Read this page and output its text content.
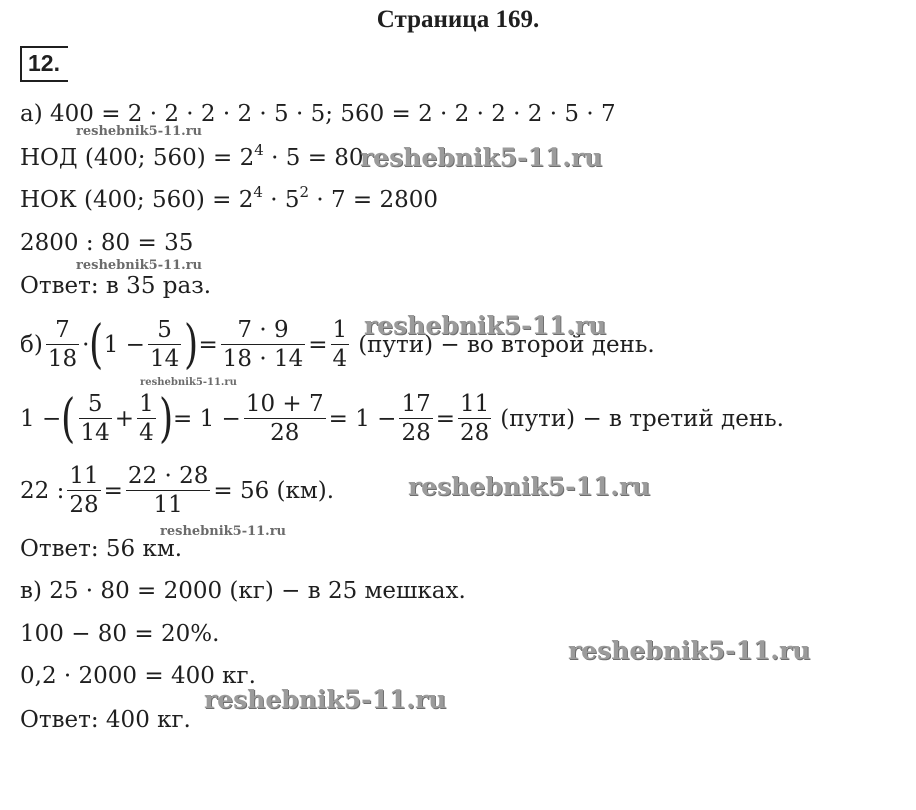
Страница 169.
12.
а) 400 = 2 · 2 · 2 · 2 · 5 · 5; 560 = 2 · 2 · 2 · 2 · 5 · 7
reshebnik5-11.ru
НОД (400; $560) = 2^4 \cdot 5 = 80$
reshebnik5-11.ru
НОК (400; $560) = 2^4 \cdot 5^2 \cdot 7 = 2800$
2800 : 80 = 35
reshebnik5-11.ru
Ответ: в 35 раз.
$б) \frac{7}{18}$ · ( $1 - \frac{5}{14}$ ) = $\frac{7 \cdot 9}{18 \cdot 14} = \frac{1}{4}$ (пути) − во второй день.
reshebnik5-11.ru
reshebnik5-11.ru
1 − ( $\frac{5}{14} + \frac{1}{4}$ ) = $1 - \frac{10 + 7}{28} = 1 - \frac{17}{28} = \frac{11}{28}$ (пути) − в третий день.
22 : $\frac{11}{28} = \frac{22 \cdot 28}{11} = 56$ (км).	reshebnik5-11.ru
reshebnik5-11.ru
Ответ: 56 км.
в) 25 · 80 = 2000 (кг) − в 25 мешках.
100 − 80 = 20%.
reshebnik5-11.ru
0,2 · 2000 = 400 кг.
reshebnik5-11.ru
Ответ: 400 кг.
